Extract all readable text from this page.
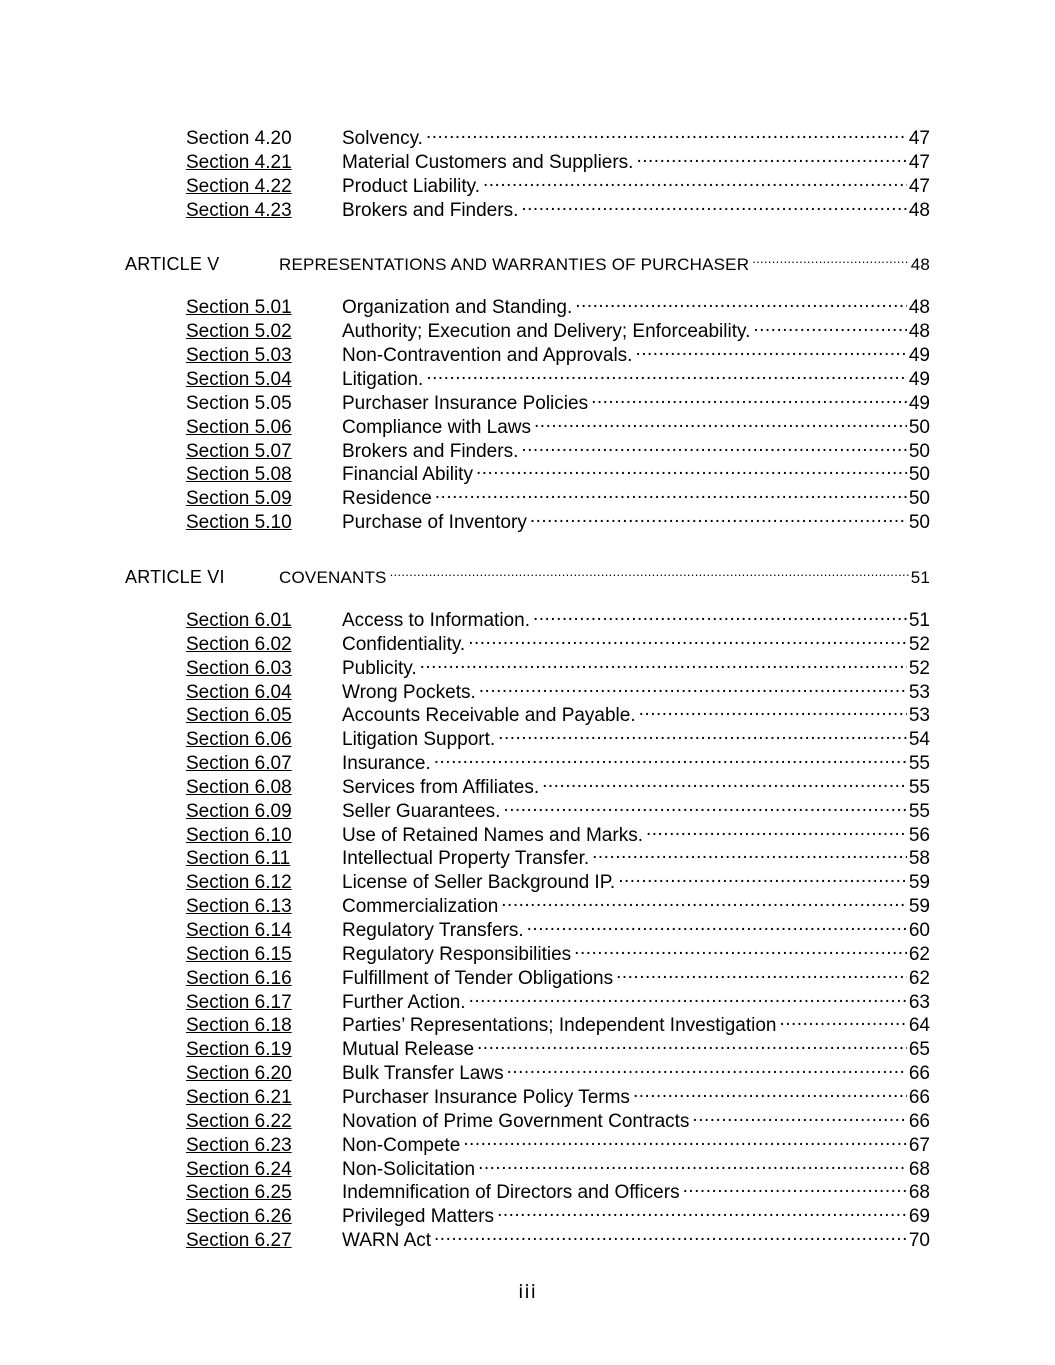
Section 4.20	Solvency. .....	47
Section 4.21	Material Customers and Suppliers. .....	47
Section 4.22	Product Liability. .....	47
Section 4.23	Brokers and Finders. .....	48
ARTICLE V	REPRESENTATIONS AND WARRANTIES OF PURCHASER .....	48
Section 5.01	Organization and Standing. .....	48
Section 5.02	Authority; Execution and Delivery; Enforceability. .....	48
Section 5.03	Non-Contravention and Approvals. .....	49
Section 5.04	Litigation. .....	49
Section 5.05	Purchaser Insurance Policies .....	49
Section 5.06	Compliance with Laws .....	50
Section 5.07	Brokers and Finders. .....	50
Section 5.08	Financial Ability .....	50
Section 5.09	Residence .....	50
Section 5.10	Purchase of Inventory .....	50
ARTICLE VI	COVENANTS .....	51
Section 6.01	Access to Information. .....	51
Section 6.02	Confidentiality. .....	52
Section 6.03	Publicity. .....	52
Section 6.04	Wrong Pockets. .....	53
Section 6.05	Accounts Receivable and Payable. .....	53
Section 6.06	Litigation Support. .....	54
Section 6.07	Insurance. .....	55
Section 6.08	Services from Affiliates. .....	55
Section 6.09	Seller Guarantees. .....	55
Section 6.10	Use of Retained Names and Marks. .....	56
Section 6.11	Intellectual Property Transfer. .....	58
Section 6.12	License of Seller Background IP. .....	59
Section 6.13	Commercialization .....	59
Section 6.14	Regulatory Transfers. .....	60
Section 6.15	Regulatory Responsibilities .....	62
Section 6.16	Fulfillment of Tender Obligations .....	62
Section 6.17	Further Action. .....	63
Section 6.18	Parties’ Representations; Independent Investigation .....	64
Section 6.19	Mutual Release .....	65
Section 6.20	Bulk Transfer Laws .....	66
Section 6.21	Purchaser Insurance Policy Terms .....	66
Section 6.22	Novation of Prime Government Contracts .....	66
Section 6.23	Non-Compete .....	67
Section 6.24	Non-Solicitation .....	68
Section 6.25	Indemnification of Directors and Officers .....	68
Section 6.26	Privileged Matters .....	69
Section 6.27	WARN Act .....	70
iii
